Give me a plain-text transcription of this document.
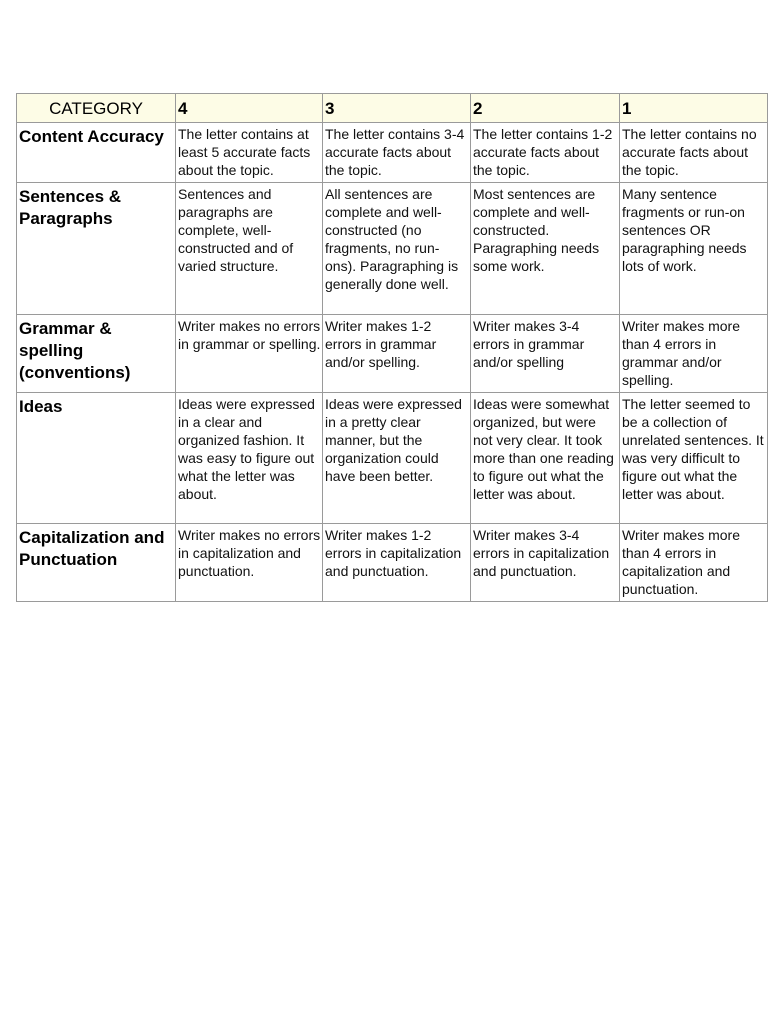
CATEGORY	4	3	2	1
Content Accuracy	The letter contains at least 5 accurate facts about the topic.	The letter contains 3-4 accurate facts about the topic.	The letter contains 1-2 accurate facts about the topic.	The letter contains no accurate facts about the topic.
Sentences & Paragraphs	Sentences and paragraphs are complete, well-constructed and of varied structure.	All sentences are complete and well-constructed (no fragments, no run-ons). Paragraphing is generally done well.	Most sentences are complete and well-constructed. Paragraphing needs some work.	Many sentence fragments or run-on sentences OR paragraphing needs lots of work.
Grammar & spelling (conventions)	Writer makes no errors in grammar or spelling.	Writer makes 1-2 errors in grammar and/or spelling.	Writer makes 3-4 errors in grammar and/or spelling	Writer makes more than 4 errors in grammar and/or spelling.
Ideas	Ideas were expressed in a clear and organized fashion. It was easy to figure out what the letter was about.	Ideas were expressed in a pretty clear manner, but the organization could have been better.	Ideas were somewhat organized, but were not very clear. It took more than one reading to figure out what the letter was about.	The letter seemed to be a collection of unrelated sentences. It was very difficult to figure out what the letter was about.
Capitalization and Punctuation	Writer makes no errors in capitalization and punctuation.	Writer makes 1-2 errors in capitalization and punctuation.	Writer makes 3-4 errors in capitalization and punctuation.	Writer makes more than 4 errors in capitalization and punctuation.
